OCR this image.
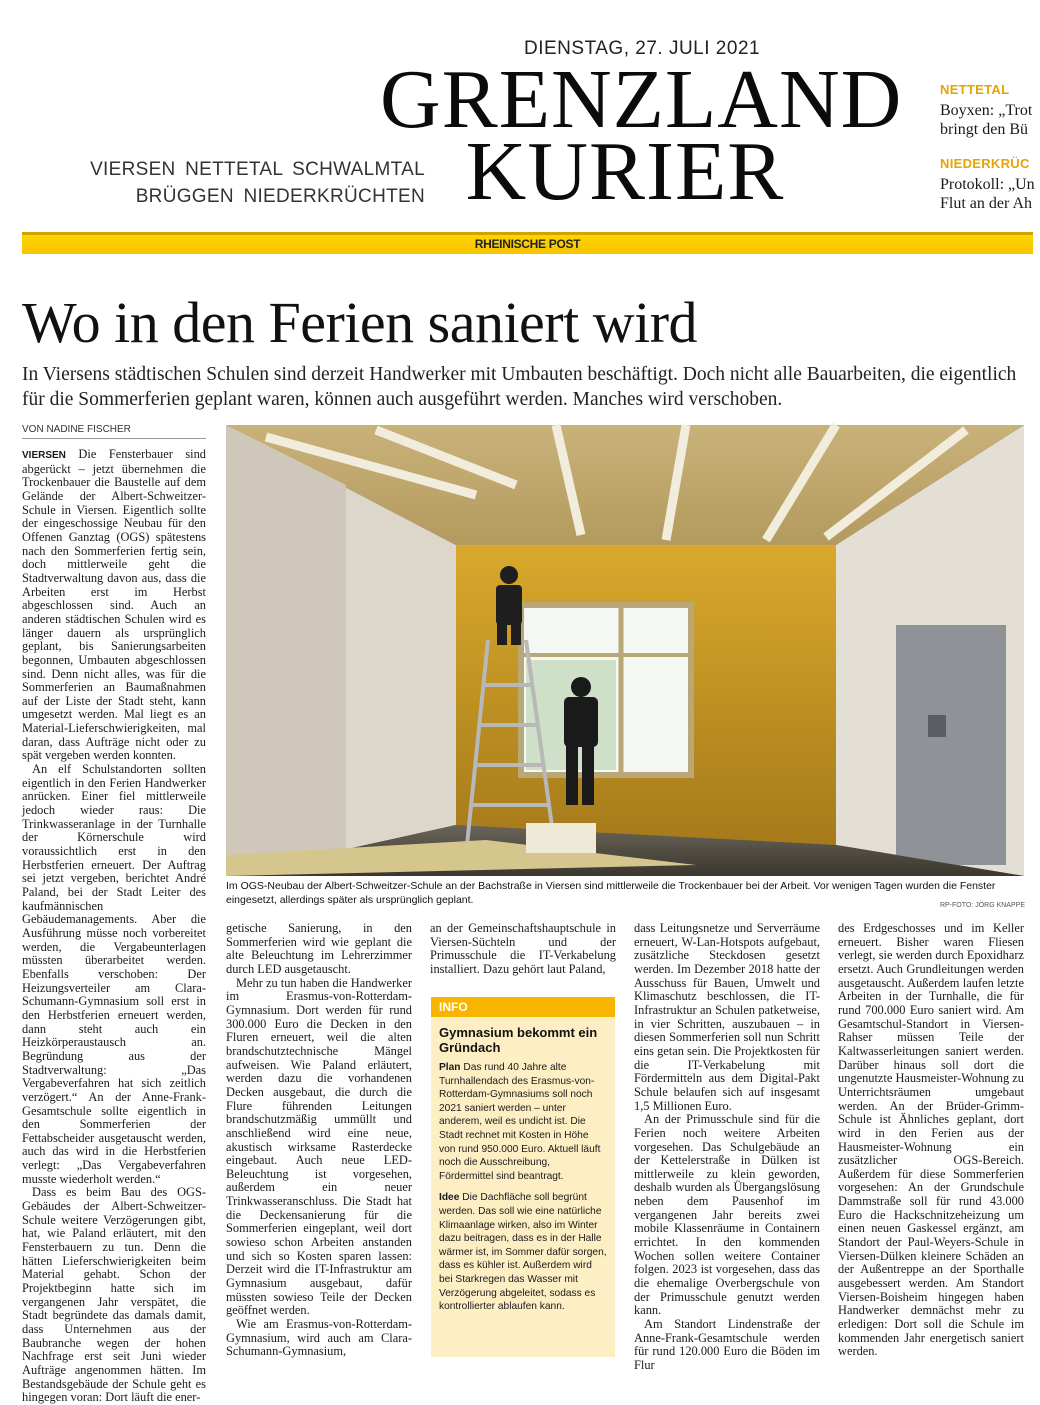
DIENSTAG, 27. JULI 2021
GRENZLAND
KURIER
VIERSEN NETTETAL SCHWALMTAL
BRÜGGEN NIEDERKRÜCHTEN
NETTETAL
Boyxen: „Trot
bringt den Bü
NIEDERKRÜC
Protokoll: „Un
Flut an der Ah
RHEINISCHE POST
Wo in den Ferien saniert wird

In Viersens städtischen Schulen sind derzeit Handwerker mit Umbauten beschäftigt. Doch nicht alle Bauarbeiten, die eigentlich für die Sommerferien geplant waren, können auch ausgeführt werden. Manches wird verschoben.

VON NADINE FISCHER
Im OGS-Neubau der Albert-Schweitzer-Schule an der Bachstraße in Viersen sind mittlerweile die Trockenbauer bei der Arbeit. Vor wenigen Tagen wurden die Fenster eingesetzt, allerdings später als ursprünglich geplant.	RP-FOTO: JÖRG KNAPPE

VIERSEN Die Fensterbauer sind abgerückt – jetzt übernehmen die Trockenbauer die Baustelle auf dem Gelände der Albert-Schweitzer-Schule in Viersen. Eigentlich sollte der eingeschossige Neubau für den Offenen Ganztag (OGS) spätestens nach den Sommerferien fertig sein, doch mittlerweile geht die Stadtverwaltung davon aus, dass die Arbeiten erst im Herbst abgeschlossen sind. Auch an anderen städtischen Schulen wird es länger dauern als ursprünglich geplant, bis Sanierungsarbeiten begonnen, Umbauten abgeschlossen sind. Denn nicht alles, was für die Sommerferien an Baumaßnahmen auf der Liste der Stadt steht, kann umgesetzt werden. Mal liegt es an Material-Lieferschwierigkeiten, mal daran, dass Aufträge nicht oder zu spät vergeben werden konnten.

An elf Schulstandorten sollten eigentlich in den Ferien Handwerker anrücken. Einer fiel mittlerweile jedoch wieder raus: Die Trinkwasseranlage in der Turnhalle der Körnerschule wird voraussichtlich erst in den Herbstferien erneuert. Der Auftrag sei jetzt vergeben, berichtet André Paland, bei der Stadt Leiter des kaufmännischen Gebäudemanagements. Aber die Ausführung müsse noch vorbereitet werden, die Vergabeunterlagen müssten überarbeitet werden. Ebenfalls verschoben: Der Heizungsverteiler am Clara-Schumann-Gymnasium soll erst in den Herbstferien erneuert werden, dann steht auch ein Heizkörperaustausch an. Begründung aus der Stadtverwaltung: „Das Vergabeverfahren hat sich zeitlich verzögert.“ An der Anne-Frank-Gesamtschule sollte eigentlich in den Sommerferien der Fettabscheider ausgetauscht werden, auch das wird in die Herbstferien verlegt: „Das Vergabeverfahren musste wiederholt werden.“

Dass es beim Bau des OGS-Gebäudes der Albert-Schweitzer-Schule weitere Verzögerungen gibt, hat, wie Paland erläutert, mit den Fensterbauern zu tun. Denn die hätten Lieferschwierigkeiten beim Material gehabt. Schon der Projektbeginn hatte sich im vergangenen Jahr verspätet, die Stadt begründete das damals damit, dass Unternehmen aus der Baubranche wegen der hohen Nachfrage erst seit Juni wieder Aufträge angenommen hätten. Im Bestandsgebäude der Schule geht es hingegen voran: Dort läuft die ener-

getische Sanierung, in den Sommerferien wird wie geplant die alte Beleuchtung im Lehrerzimmer durch LED ausgetauscht.

Mehr zu tun haben die Handwerker im Erasmus-von-Rotterdam-Gymnasium. Dort werden für rund 300.000 Euro die Decken in den Fluren erneuert, weil die alten brandschutztechnische Mängel aufweisen. Wie Paland erläutert, werden dazu die vorhandenen Decken ausgebaut, die durch die Flure führenden Leitungen brandschutzmäßig ummüllt und anschließend wird eine neue, akustisch wirksame Rasterdecke eingebaut. Auch neue LED-Beleuchtung ist vorgesehen, außerdem ein neuer Trinkwasseranschluss. Die Stadt hat die Deckensanierung für die Sommerferien eingeplant, weil dort sowieso schon Arbeiten anstanden und sich so Kosten sparen lassen: Derzeit wird die IT-Infrastruktur am Gymnasium ausgebaut, dafür müssten sowieso Teile der Decken geöffnet werden.

Wie am Erasmus-von-Rotterdam-Gymnasium, wird auch am Clara-Schumann-Gymnasium,

an der Gemeinschaftshauptschule in Viersen-Süchteln und der Primusschule die IT-Verkabelung installiert. Dazu gehört laut Paland,

INFO
Gymnasium bekommt ein Gründach

Plan Das rund 40 Jahre alte Turnhallendach des Erasmus-von-Rotterdam-Gymnasiums soll noch 2021 saniert werden – unter anderem, weil es undicht ist. Die Stadt rechnet mit Kosten in Höhe von rund 950.000 Euro. Aktuell läuft noch die Ausschreibung, Fördermittel sind beantragt.

Idee Die Dachfläche soll begrünt werden. Das soll wie eine natürliche Klimaanlage wirken, also im Winter dazu beitragen, dass es in der Halle wärmer ist, im Sommer dafür sorgen, dass es kühler ist. Außerdem wird bei Starkregen das Wasser mit Verzögerung abgeleitet, sodass es kontrollierter ablaufen kann.

dass Leitungsnetze und Serverräume erneuert, W-Lan-Hotspots aufgebaut, zusätzliche Steckdosen gesetzt werden. Im Dezember 2018 hatte der Ausschuss für Bauen, Umwelt und Klimaschutz beschlossen, die IT-Infrastruktur an Schulen patketweise, in vier Schritten, auszubauen – in diesen Sommerferien soll nun Schritt eins getan sein. Die Projektkosten für die IT-Verkabelung mit Fördermitteln aus dem Digital-Pakt Schule belaufen sich auf insgesamt 1,5 Millionen Euro.

An der Primusschule sind für die Ferien noch weitere Arbeiten vorgesehen. Das Schulgebäude an der Kettelerstraße in Dülken ist mittlerweile zu klein geworden, deshalb wurden als Übergangslösung neben dem Pausenhof im vergangenen Jahr bereits zwei mobile Klassenräume in Containern errichtet. In den kommenden Wochen sollen weitere Container folgen. 2023 ist vorgesehen, dass das die ehemalige Overbergschule von der Primusschule genutzt werden kann.

Am Standort Lindenstraße der Anne-Frank-Gesamtschule werden für rund 120.000 Euro die Böden im Flur

des Erdgeschosses und im Keller erneuert. Bisher waren Fliesen verlegt, sie werden durch Epoxidharz ersetzt. Auch Grundleitungen werden ausgetauscht. Außerdem laufen letzte Arbeiten in der Turnhalle, die für rund 700.000 Euro saniert wird. Am Gesamtschul-Standort in Viersen-Rahser müssen Teile der Kaltwasserleitungen saniert werden. Darüber hinaus soll dort die ungenutzte Hausmeister-Wohnung zu Unterrichtsräumen umgebaut werden. An der Brüder-Grimm-Schule ist Ähnliches geplant, dort wird in den Ferien aus der Hausmeister-Wohnung ein zusätzlicher OGS-Bereich. Außerdem für diese Sommerferien vorgesehen: An der Grundschule Dammstraße soll für rund 43.000 Euro die Hackschnitzeheizung um einen neuen Gaskessel ergänzt, am Standort der Paul-Weyers-Schule in Viersen-Dülken kleinere Schäden an der Außentreppe an der Sporthalle ausgebessert werden. Am Standort Viersen-Boisheim hingegen haben Handwerker demnächst mehr zu erledigen: Dort soll die Schule im kommenden Jahr energetisch saniert werden.
